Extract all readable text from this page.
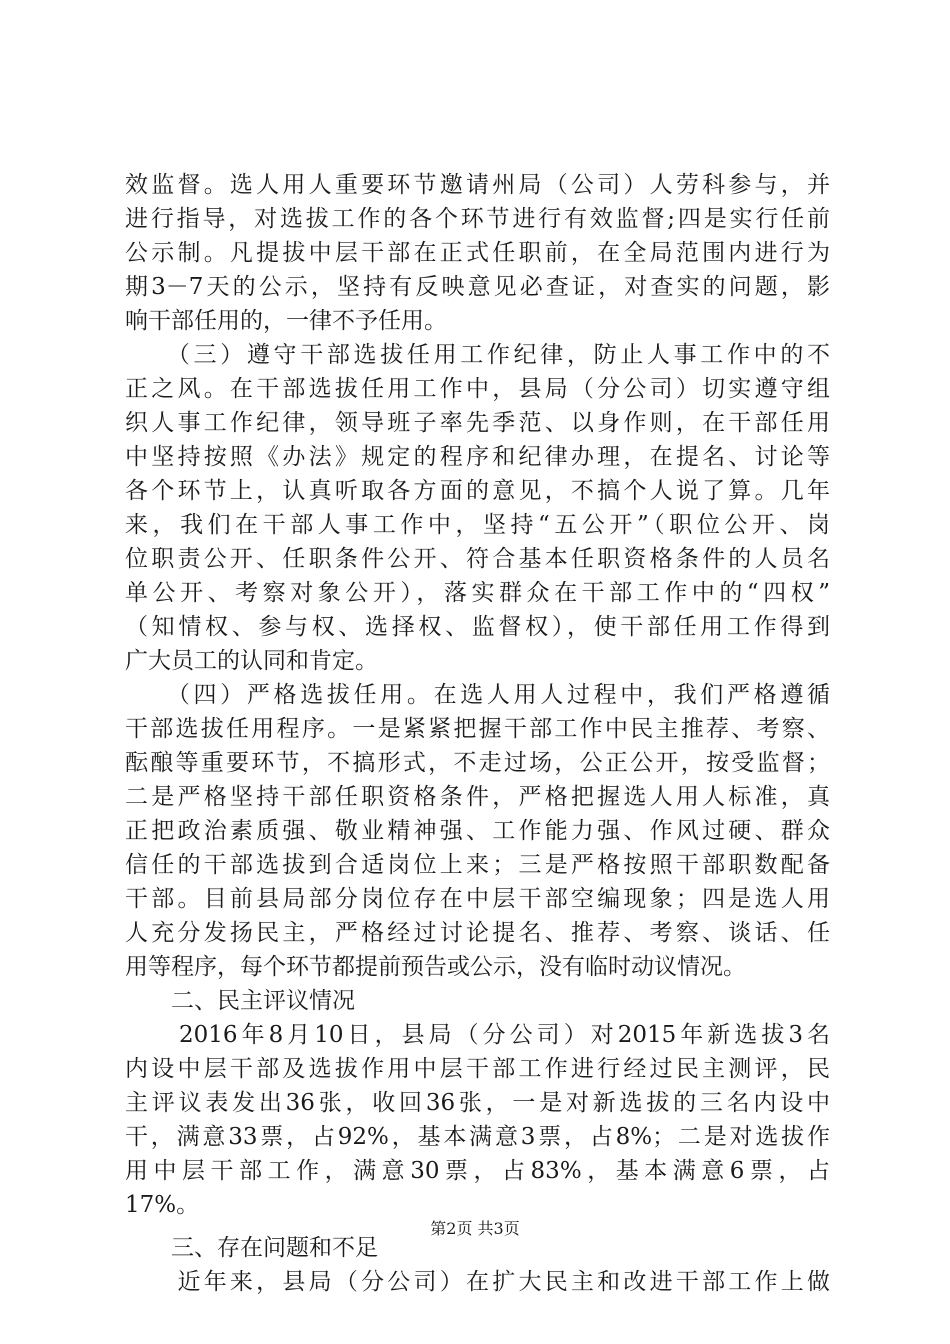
效监督。选人用人重要环节邀请州局（公司）人劳科参与，并
进行指导，对选拔工作的各个环节进行有效监督;四是实行任前
公示制。凡提拔中层干部在正式任职前，在全局范围内进行为
期3－7天的公示，坚持有反映意见必查证，对查实的问题，影
响干部任用的，一律不予任用。
　　（三）遵守干部选拔任用工作纪律，防止人事工作中的不
正之风。在干部选拔任用工作中，县局（分公司）切实遵守组
织人事工作纪律，领导班子率先季范、以身作则，在干部任用
中坚持按照《办法》规定的程序和纪律办理，在提名、讨论等
各个环节上，认真听取各方面的意见，不搞个人说了算。几年
来，我们在干部人事工作中，坚持“五公开”（职位公开、岗
位职责公开、任职条件公开、符合基本任职资格条件的人员名
单公开、考察对象公开），落实群众在干部工作中的“四权”
（知情权、参与权、选择权、监督权），使干部任用工作得到
广大员工的认同和肯定。
　　（四）严格选拔任用。在选人用人过程中，我们严格遵循
干部选拔任用程序。一是紧紧把握干部工作中民主推荐、考察、
酝酿等重要环节，不搞形式，不走过场，公正公开，按受监督；
二是严格坚持干部任职资格条件，严格把握选人用人标准，真
正把政治素质强、敬业精神强、工作能力强、作风过硬、群众
信任的干部选拔到合适岗位上来；三是严格按照干部职数配备
干部。目前县局部分岗位存在中层干部空编现象；四是选人用
人充分发扬民主，严格经过讨论提名、推荐、考察、谈话、任
用等程序，每个环节都提前预告或公示，没有临时动议情况。
　　二、民主评议情况
　　2016年8月10日，县局（分公司）对2015年新选拔3名
内设中层干部及选拔作用中层干部工作进行经过民主测评，民
主评议表发出36张，收回36张，一是对新选拔的三名内设中
干，满意33票，占92%，基本满意3票，占8%；二是对选拔作
用中层干部工作，满意30票，占83%，基本满意6票，占
17%。
　　三、存在问题和不足
　　近年来，县局（分公司）在扩大民主和改进干部工作上做
第2页 共3页
